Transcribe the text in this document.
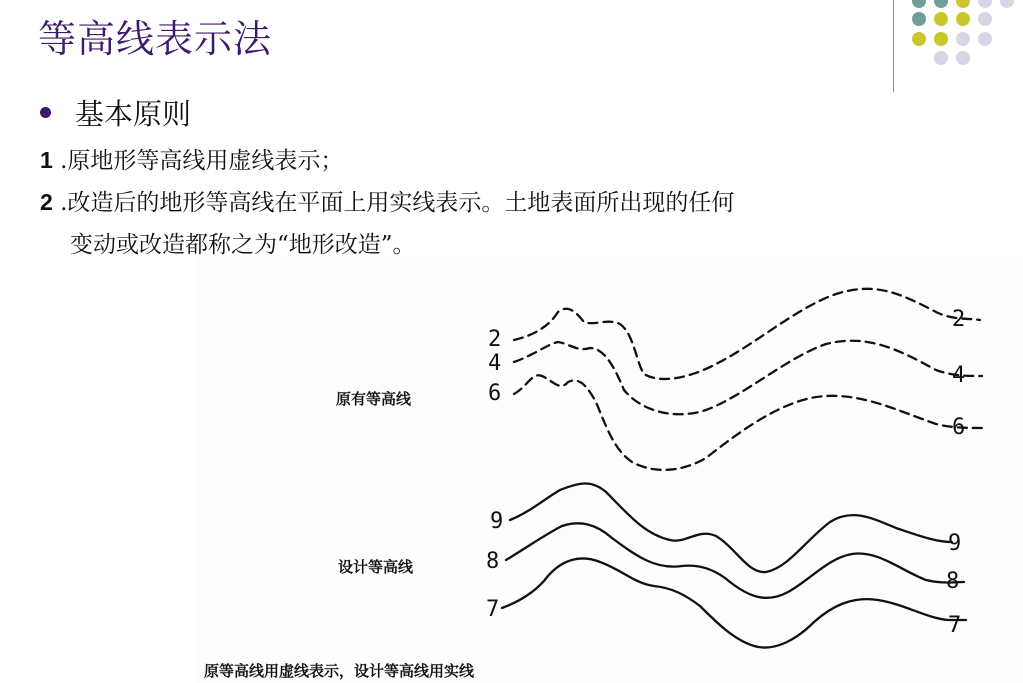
等高线表示法
基本原则
1 .原地形等高线用虚线表示；
2 .改造后的地形等高线在平面上用实线表示。土地表面所出现的任何
变动或改造都称之为“地形改造”。
2
4
6
2
4
6
9
8
7
9
8
7
原有等高线
设计等高线
原等高线用虚线表示，设计等高线用实线
